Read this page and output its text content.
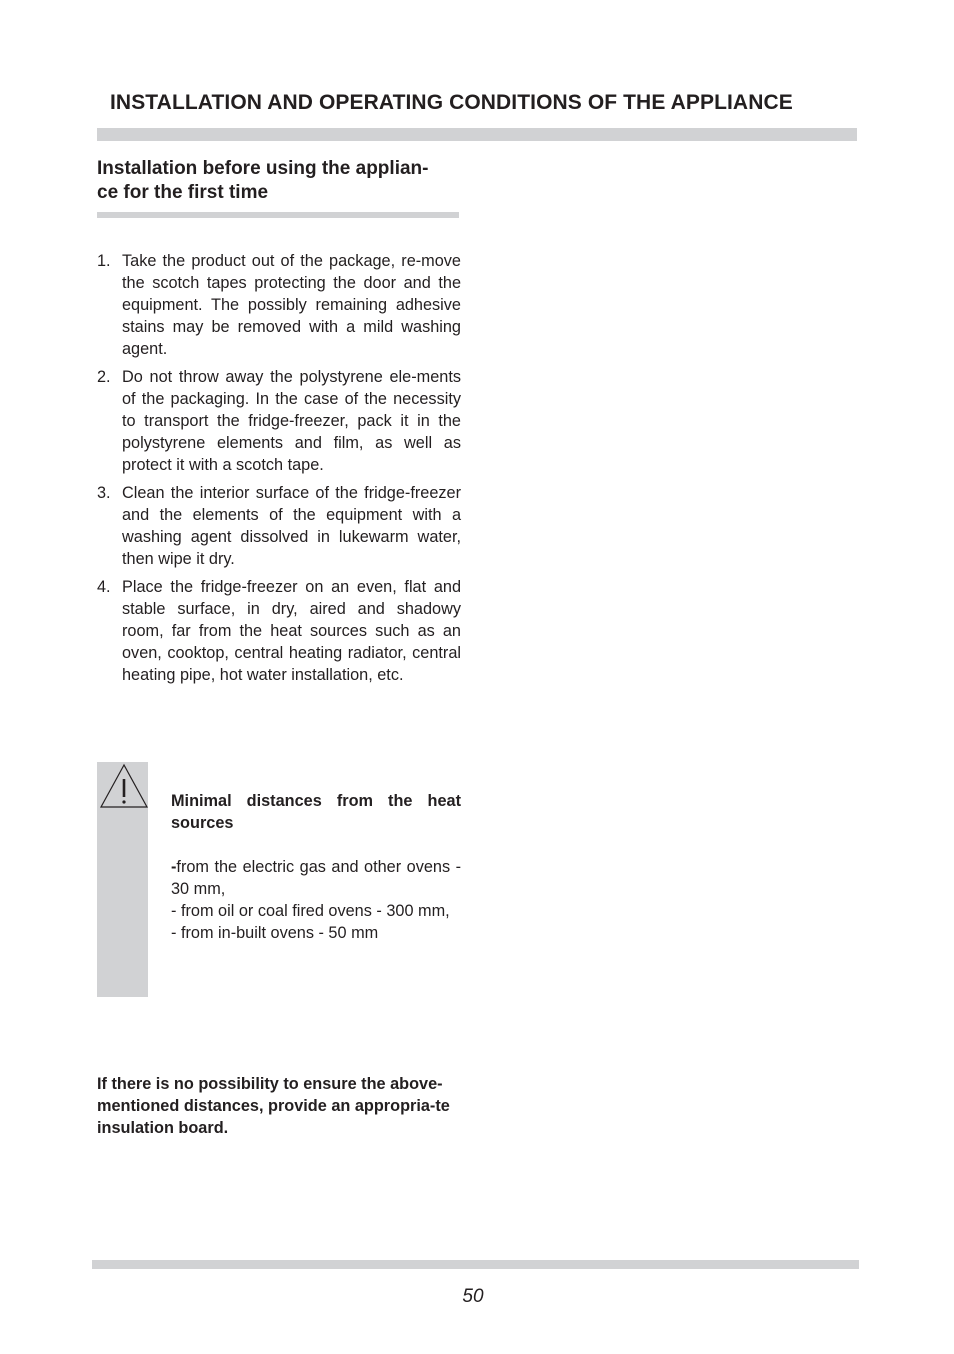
INSTALLATION AND OPERATING CONDITIONS OF THE APPLIANCE
Installation before using the applian-
ce for the first time
1. Take the product out of the package, re-move the scotch tapes protecting the door and the equipment. The possibly remaining adhesive stains may be removed with a mild washing agent.
2. Do not throw away the polystyrene ele-ments of the packaging. In the case of the necessity to transport the fridge-freezer, pack it in the polystyrene elements and film, as well as protect it with a scotch tape.
3. Clean the interior surface of the fridge-freezer and the elements of the equipment with a washing agent dissolved in lukewarm water, then wipe it dry.
4. Place the fridge-freezer on an even, flat and stable surface, in dry, aired and shadowy room, far from the heat sources such as an oven, cooktop, central heating radiator, central heating pipe, hot water installation, etc.

Minimal distances from the heat sources

-from the electric gas and other ovens - 30 mm,
- from oil or coal fired ovens - 300 mm,
- from in-built ovens - 50 mm

If there is no possibility to ensure the above-mentioned distances, provide an appropria-te insulation board.

50
